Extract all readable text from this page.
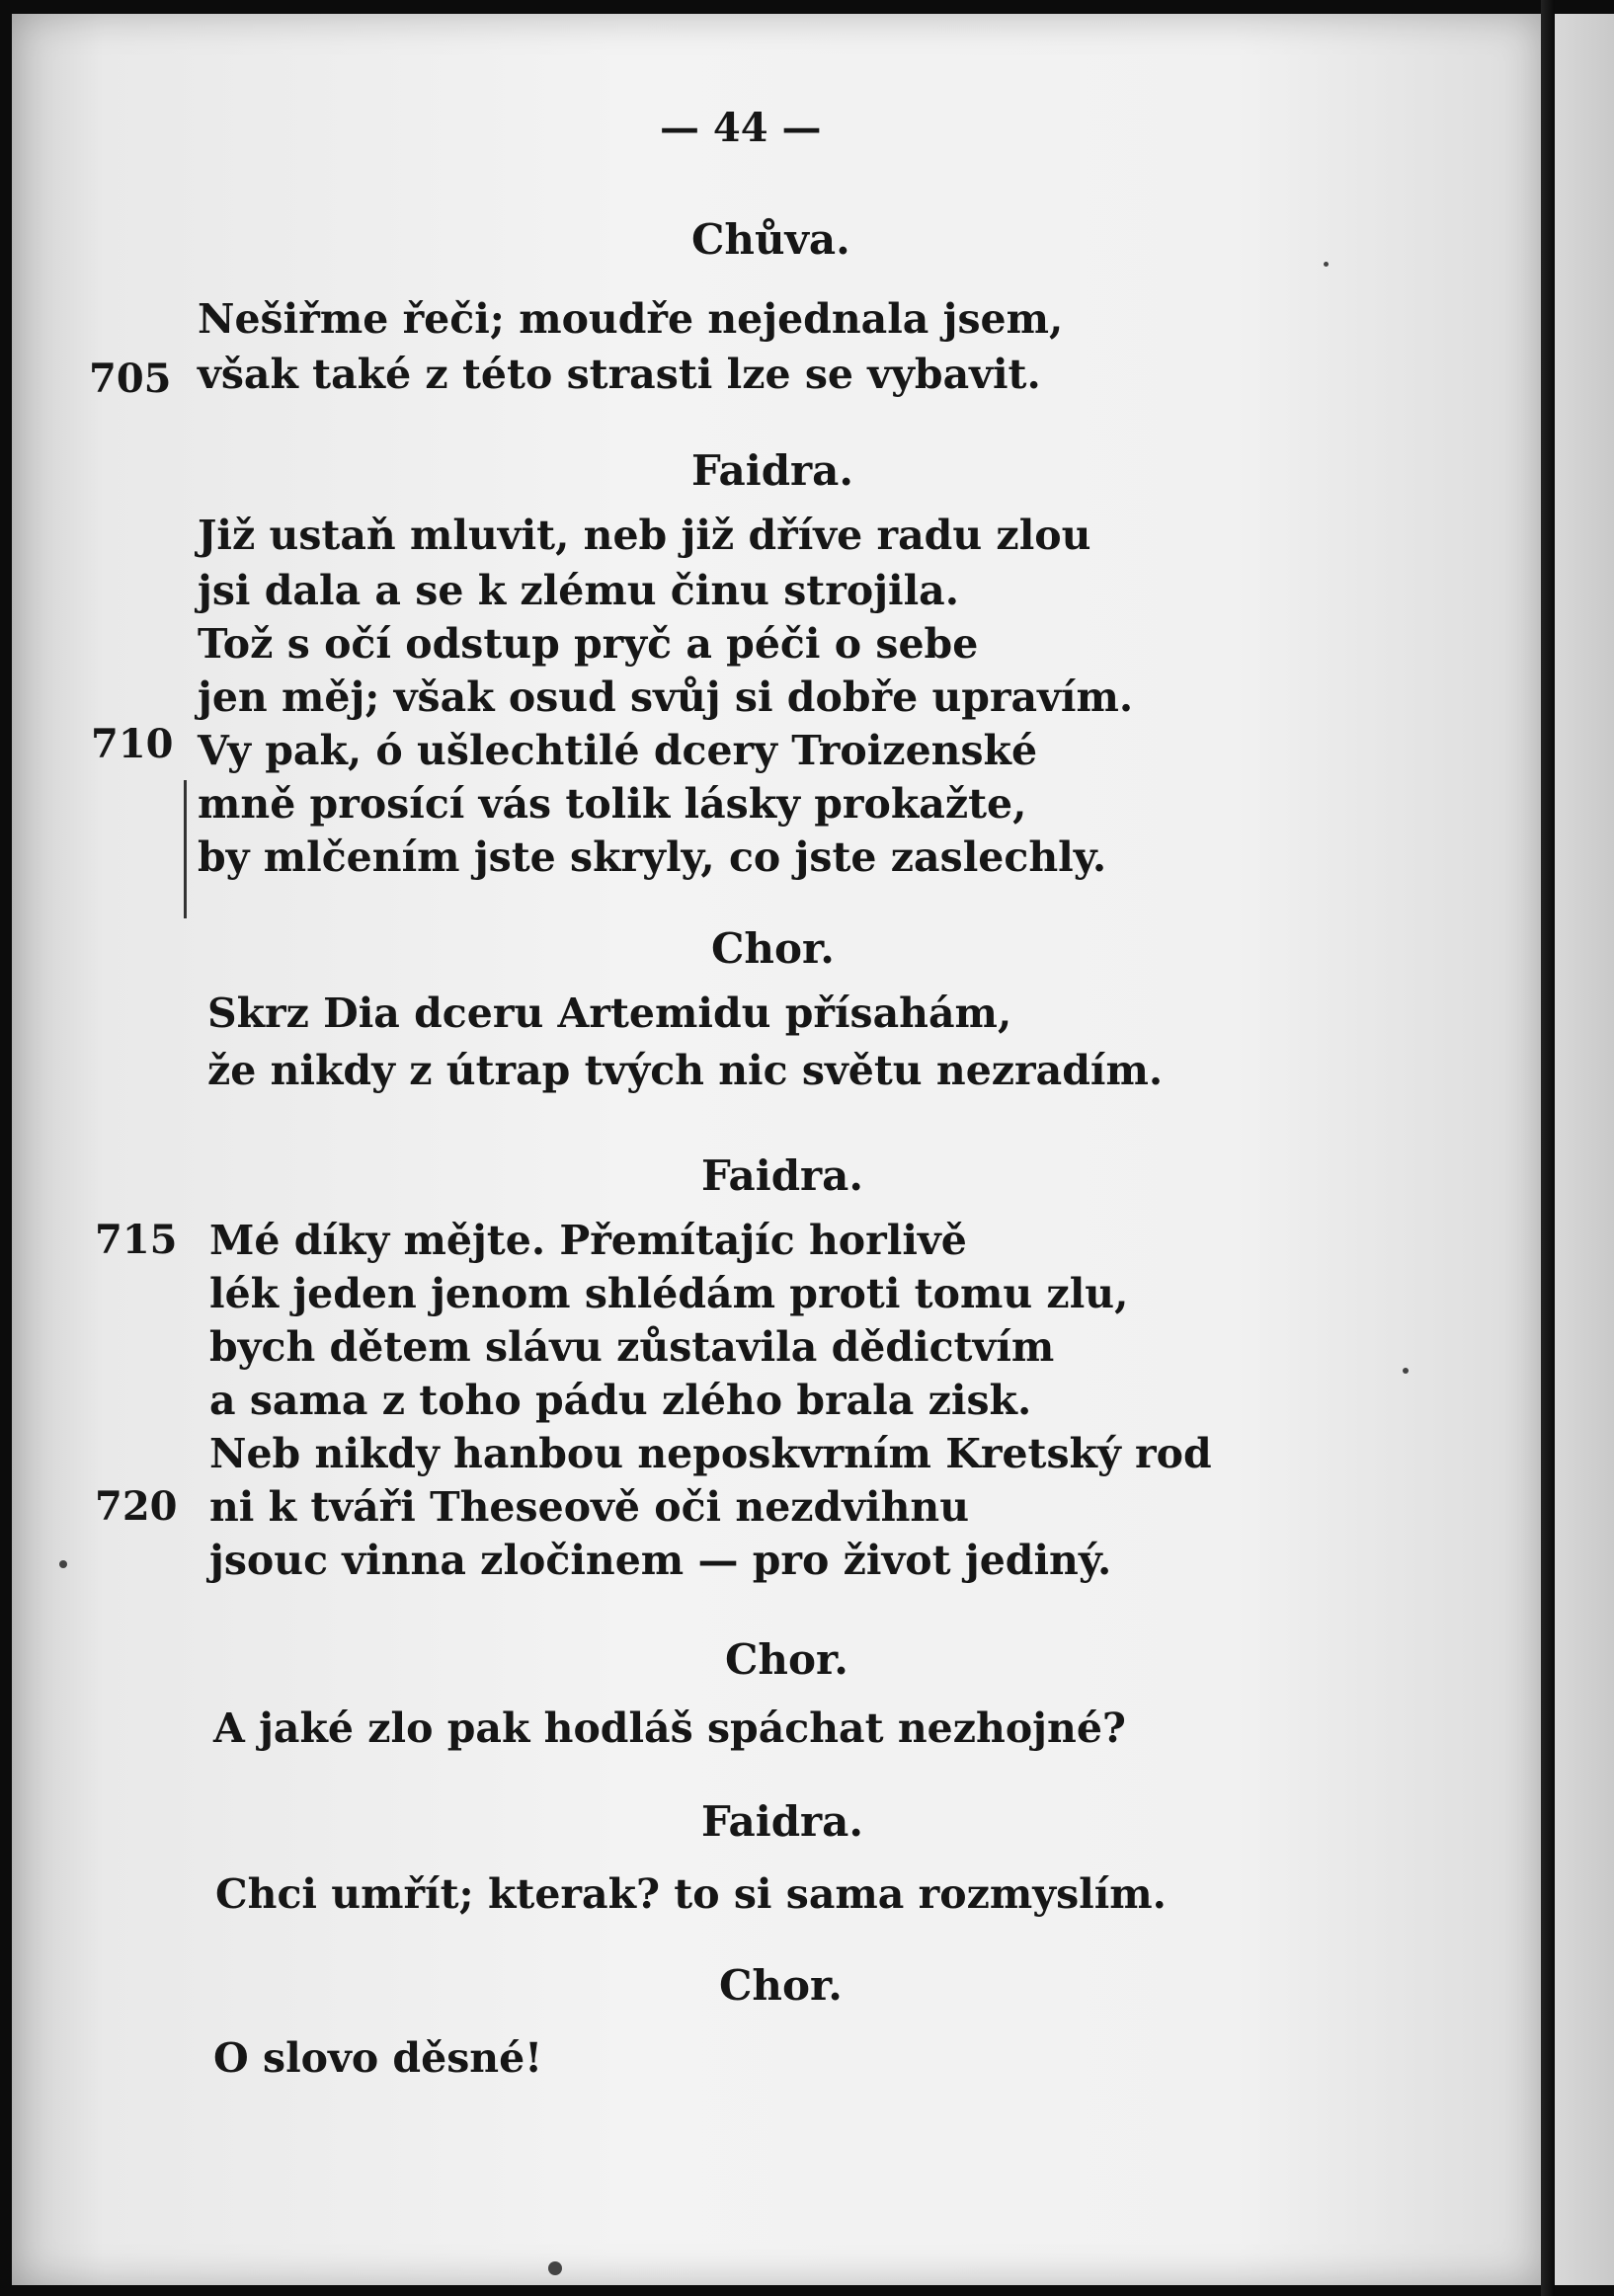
— 44 —
Chůva.
Nešiřme řeči; moudře nejednala jsem,
však také z této strasti lze se vybavit.
705
Faidra.
Již ustaň mluvit, neb již dříve radu zlou
jsi dala a se k zlému činu strojila.
Tož s očí odstup pryč a péči o sebe
jen měj; však osud svůj si dobře upravím.
Vy pak, ó ušlechtilé dcery Troizenské
710
mně prosící vás tolik lásky prokažte,
by mlčením jste skryly, co jste zaslechly.
Chor.
Skrz Dia dceru Artemidu přísahám,
že nikdy z útrap tvých nic světu nezradím.
Faidra.
715 Mé díky mějte. Přemítajíc horlivě
lék jeden jenom shlédám proti tomu zlu,
bych dětem slávu zůstavila dědictvím
a sama z toho pádu zlého brala zisk.
Neb nikdy hanbou neposkvrním Kretský rod
720 ni k tváři Theseově oči nezdvihnu
jsouc vinna zločinem — pro život jediný.
Chor.
A jaké zlo pak hodláš spáchat nezhojné?
Faidra.
Chci umřít; kterak? to si sama rozmyslím.
Chor.
O slovo děsné!
